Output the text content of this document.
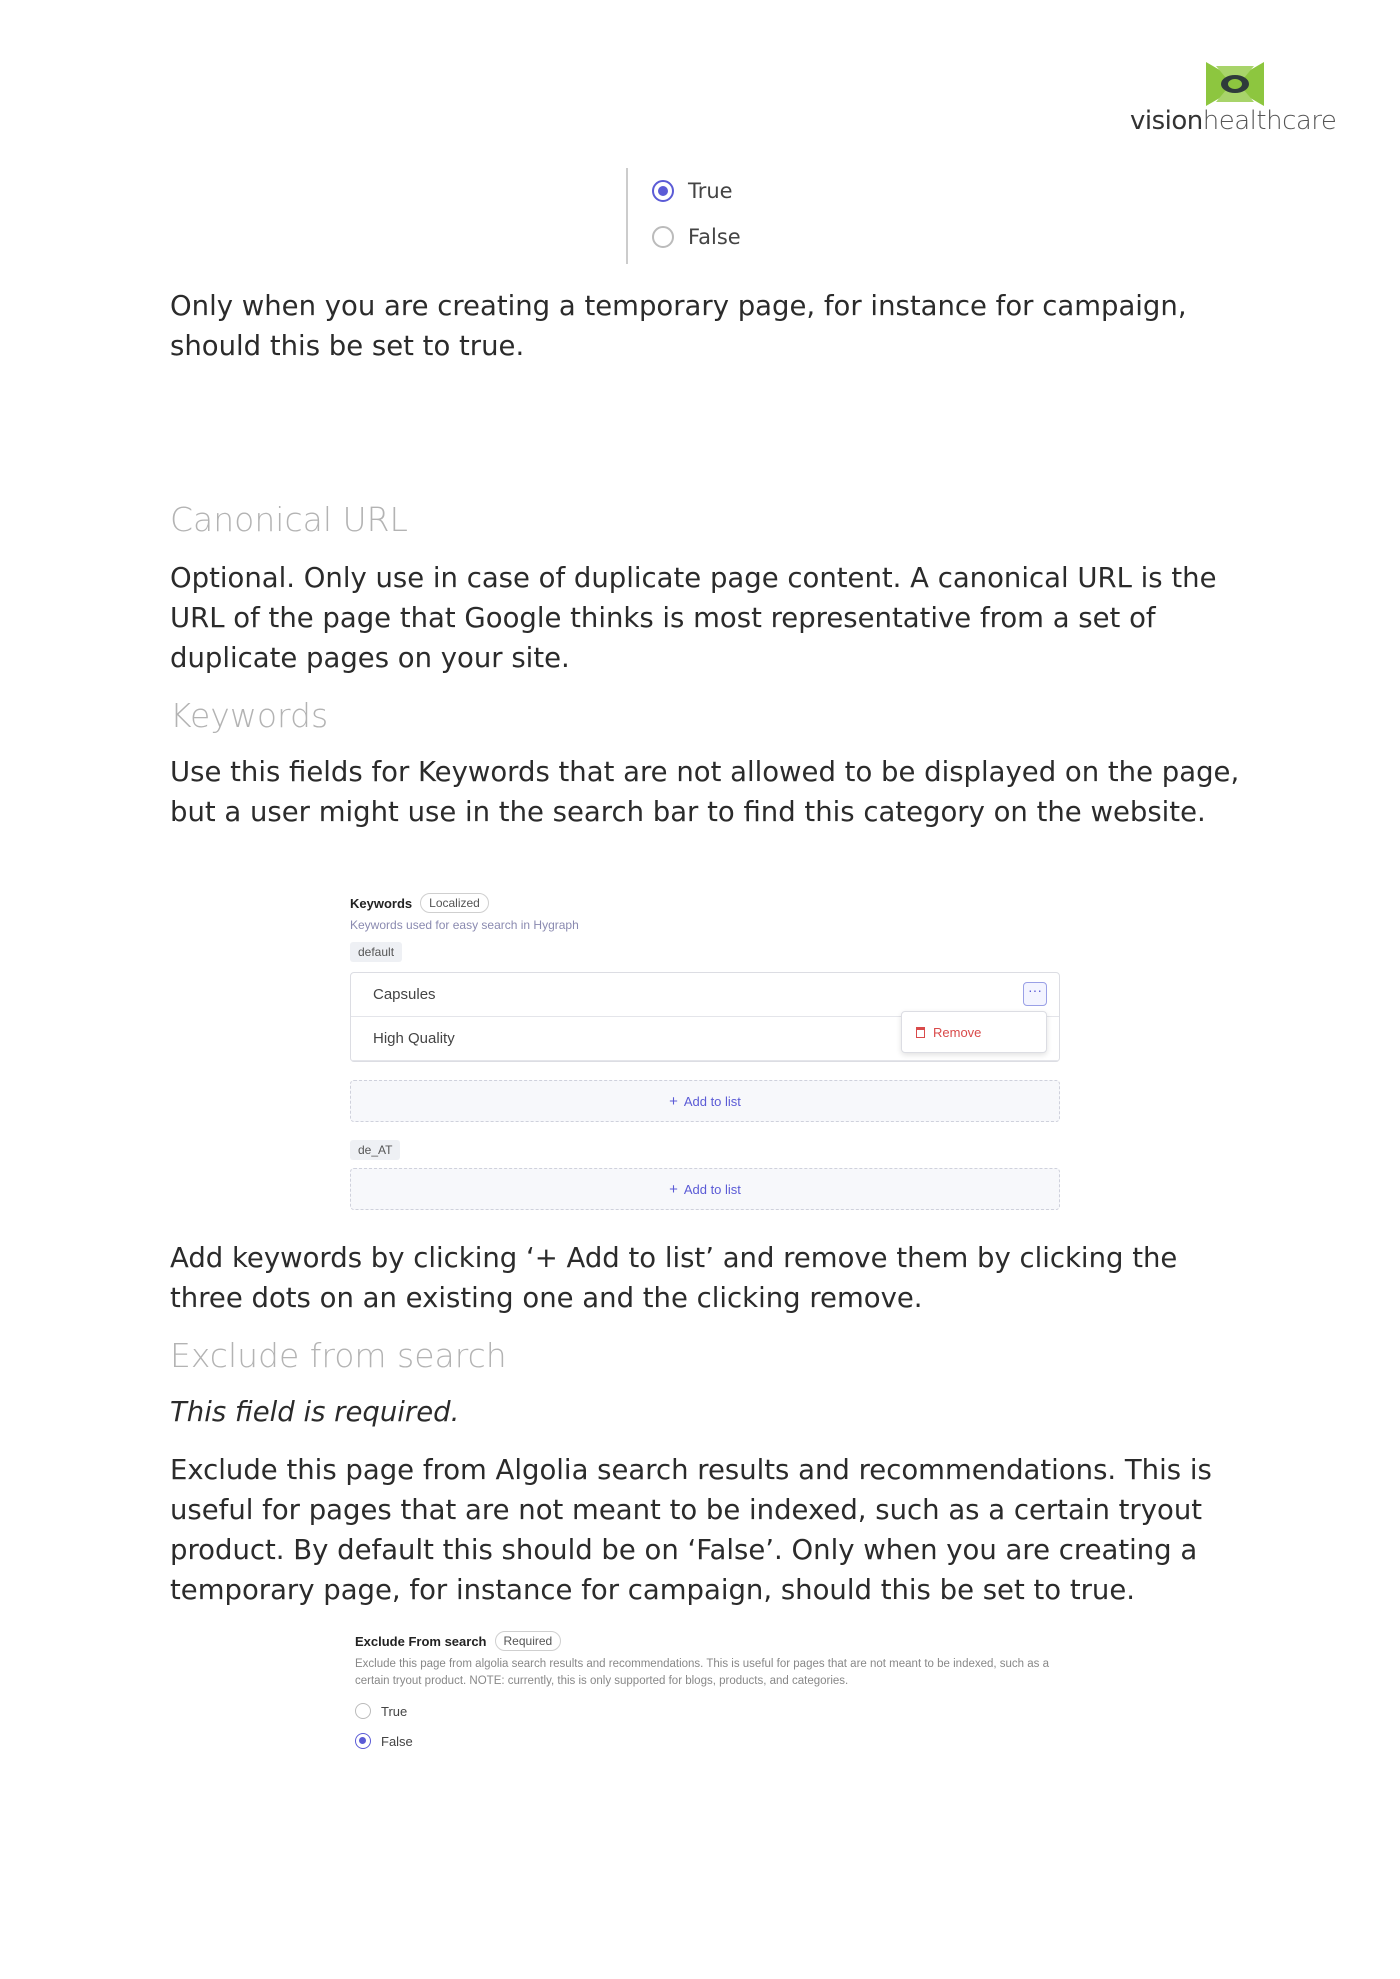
visionhealthcare
True
False

Only when you are creating a temporary page, for instance for campaign, should this be set to true.

Canonical URL

Optional. Only use in case of duplicate page content. A canonical URL is the URL of the page that Google thinks is most representative from a set of duplicate pages on your site.

Keywords

Use this fields for Keywords that are not allowed to be displayed on the page, but a user might use in the search bar to find this category on the website.

Keywords	Localized
Keywords used for easy search in Hygraph
default
Capsules
High Quality
···
Remove
+ Add to list
de_AT
+ Add to list

Add keywords by clicking ‘+ Add to list’ and remove them by clicking the three dots on an existing one and the clicking remove.

Exclude from search

This field is required.

Exclude this page from Algolia search results and recommendations. This is useful for pages that are not meant to be indexed, such as a certain tryout product. By default this should be on ‘False’. Only when you are creating a temporary page, for instance for campaign, should this be set to true.

Exclude From search	Required
Exclude this page from algolia search results and recommendations. This is useful for pages that are not meant to be indexed, such as a certain tryout product. NOTE: currently, this is only supported for blogs, products, and categories.
True
False
